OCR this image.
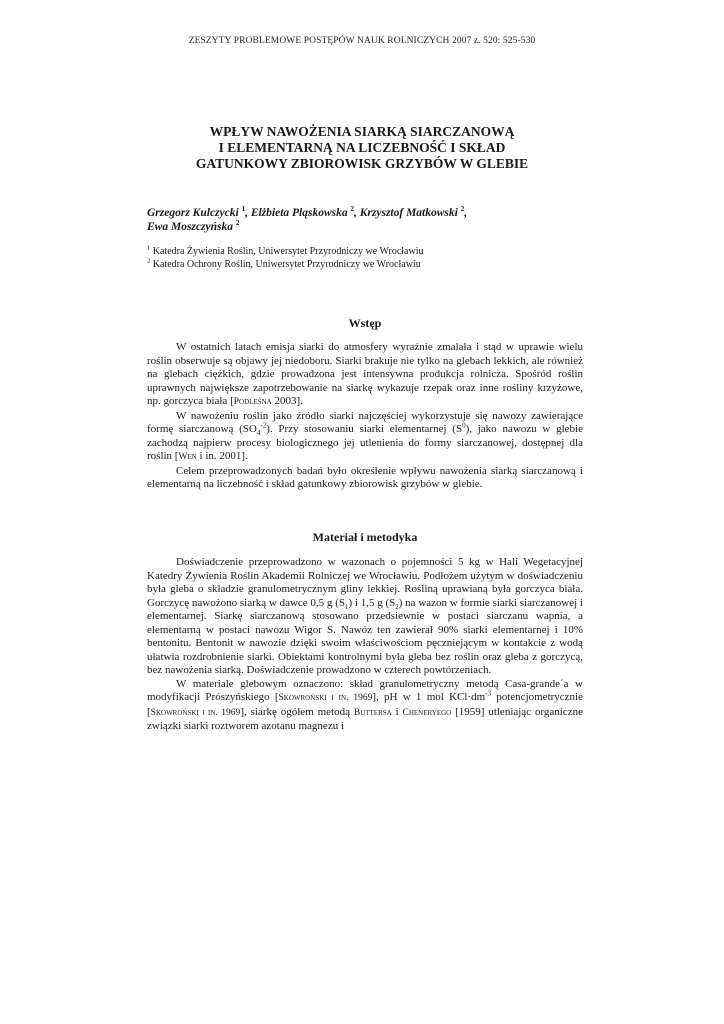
ZESZYTY PROBLEMOWE POSTĘPÓW NAUK ROLNICZYCH 2007 z. 520: 525-530
WPŁYW NAWOŻENIA SIARKĄ SIARCZANOWĄ
I ELEMENTARNĄ NA LICZEBNOŚĆ I SKŁAD
GATUNKOWY ZBIOROWISK GRZYBÓW W GLEBIE
Grzegorz Kulczycki $^1$, Elżbieta Pląskowska $^2$, Krzysztof Matkowski $^2$,
Ewa Moszczyńska $^2$
$^1$ Katedra Żywienia Roślin, Uniwersytet Przyrodniczy we Wrocławiu
$^2$ Katedra Ochrony Roślin, Uniwersytet Przyrodniczy we Wrocławiu
Wstęp

W ostatnich latach emisja siarki do atmosfery wyraźnie zmalała i stąd w uprawie wielu roślin obserwuje są objawy jej niedoboru. Siarki brakuje nie tylko na glebach lekkich, ale również na glebach ciężkich, gdzie prowadzona jest intensywna produkcja rolnicza. Spośród roślin uprawnych największe zapotrzebowanie na siarkę wykazuje rzepak oraz inne rośliny krzyżowe, np. gorczyca biała [Podleśna 2003].

W nawożeniu roślin jako źródło siarki najczęściej wykorzystuje się nawozy zawierające formę siarczanową $(SO_4^{-2})$. Przy stosowaniu siarki elementarnej $(S^0)$, jako nawozu w glebie zachodzą najpierw procesy biologicznego jej utlenienia do formy siarczanowej, dostępnej dla roślin [Wen i in. 2001].

Celem przeprowadzonych badań było określenie wpływu nawożenia siarką siarczanową i elementarną na liczebność i skład gatunkowy zbiorowisk grzybów w glebie.

Materiał i metodyka

Doświadczenie przeprowadzono w wazonach o pojemności 5 kg w Hali Wegetacyjnej Katedry Żywienia Roślin Akademii Rolniczej we Wrocławiu. Podłożem użytym w doświadczeniu była gleba o składzie granulometrycznym gliny lekkiej. Rośliną uprawianą była gorczyca biała. Gorczycę nawożono siarką w dawce 0,5 g $(S_1)$ i 1,5 g $(S_2)$ na wazon w formie siarki siarczanowej i elementarnej. Siarkę siarczanową stosowano przedsiewnie w postaci siarczanu wapnia, a elementarną w postaci nawozu Wigor S. Nawóz ten zawierał 90% siarki elementarnej i 10% bentonitu. Bentonit w nawozie dzięki swoim właściwościom pęczniejącym w kontakcie z wodą ułatwia rozdrobnienie siarki. Obiektami kontrolnymi była gleba bez roślin oraz gleba z gorczycą, bez nawożenia siarką. Doświadczenie prowadzono w czterech powtórzeniach.

W materiale glebowym oznaczono: skład granulometryczny metodą Casa-grande´a w modyfikacji Prószyńskiego [Skowroński i in. 1969], pH w 1 mol $KCl\cdot dm^{-3}$ potencjometrycznie [Skowroński i in. 1969], siarkę ogółem metodą Buttersa i Cheneryego [1959] utleniając organiczne związki siarki roztworem azotanu magnezu i
